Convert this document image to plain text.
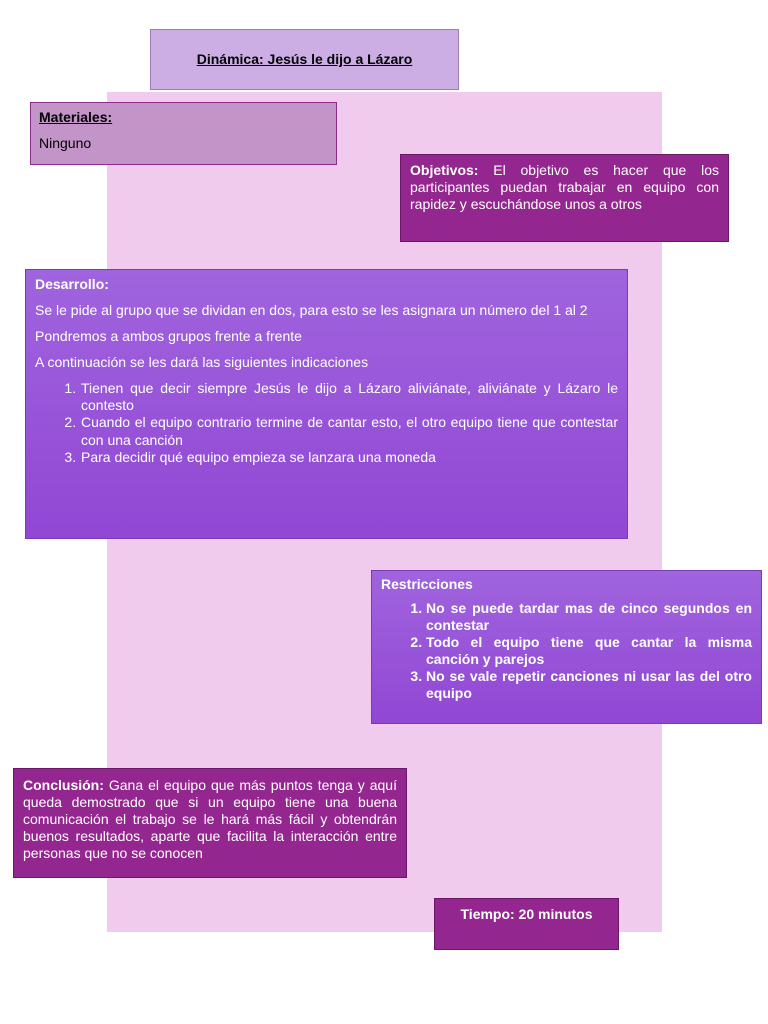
Dinámica: Jesús le dijo a Lázaro
Materiales:
Ninguno
Objetivos: El objetivo es hacer que los participantes puedan trabajar en equipo con rapidez y escuchándose unos a otros

Desarrollo:

Se le pide al grupo que se dividan en dos, para esto se les asignara un número del 1 al 2

Pondremos a ambos grupos frente a frente

A continuación se les dará las siguientes indicaciones

1. Tienen que decir siempre Jesús le dijo a Lázaro aliviánate, aliviánate y Lázaro le contesto
2. Cuando el equipo contrario termine de cantar esto, el otro equipo tiene que contestar con una canción
3. Para decidir qué equipo empieza se lanzara una moneda
Restricciones
1. No se puede tardar mas de cinco segundos en contestar
2. Todo el equipo tiene que cantar la misma canción y parejos
3. No se vale repetir canciones ni usar las del otro equipo
Conclusión: Gana el equipo que más puntos tenga y aquí queda demostrado que si un equipo tiene una buena comunicación el trabajo se le hará más fácil y obtendrán buenos resultados, aparte que facilita la interacción entre personas que no se conocen
Tiempo: 20 minutos
